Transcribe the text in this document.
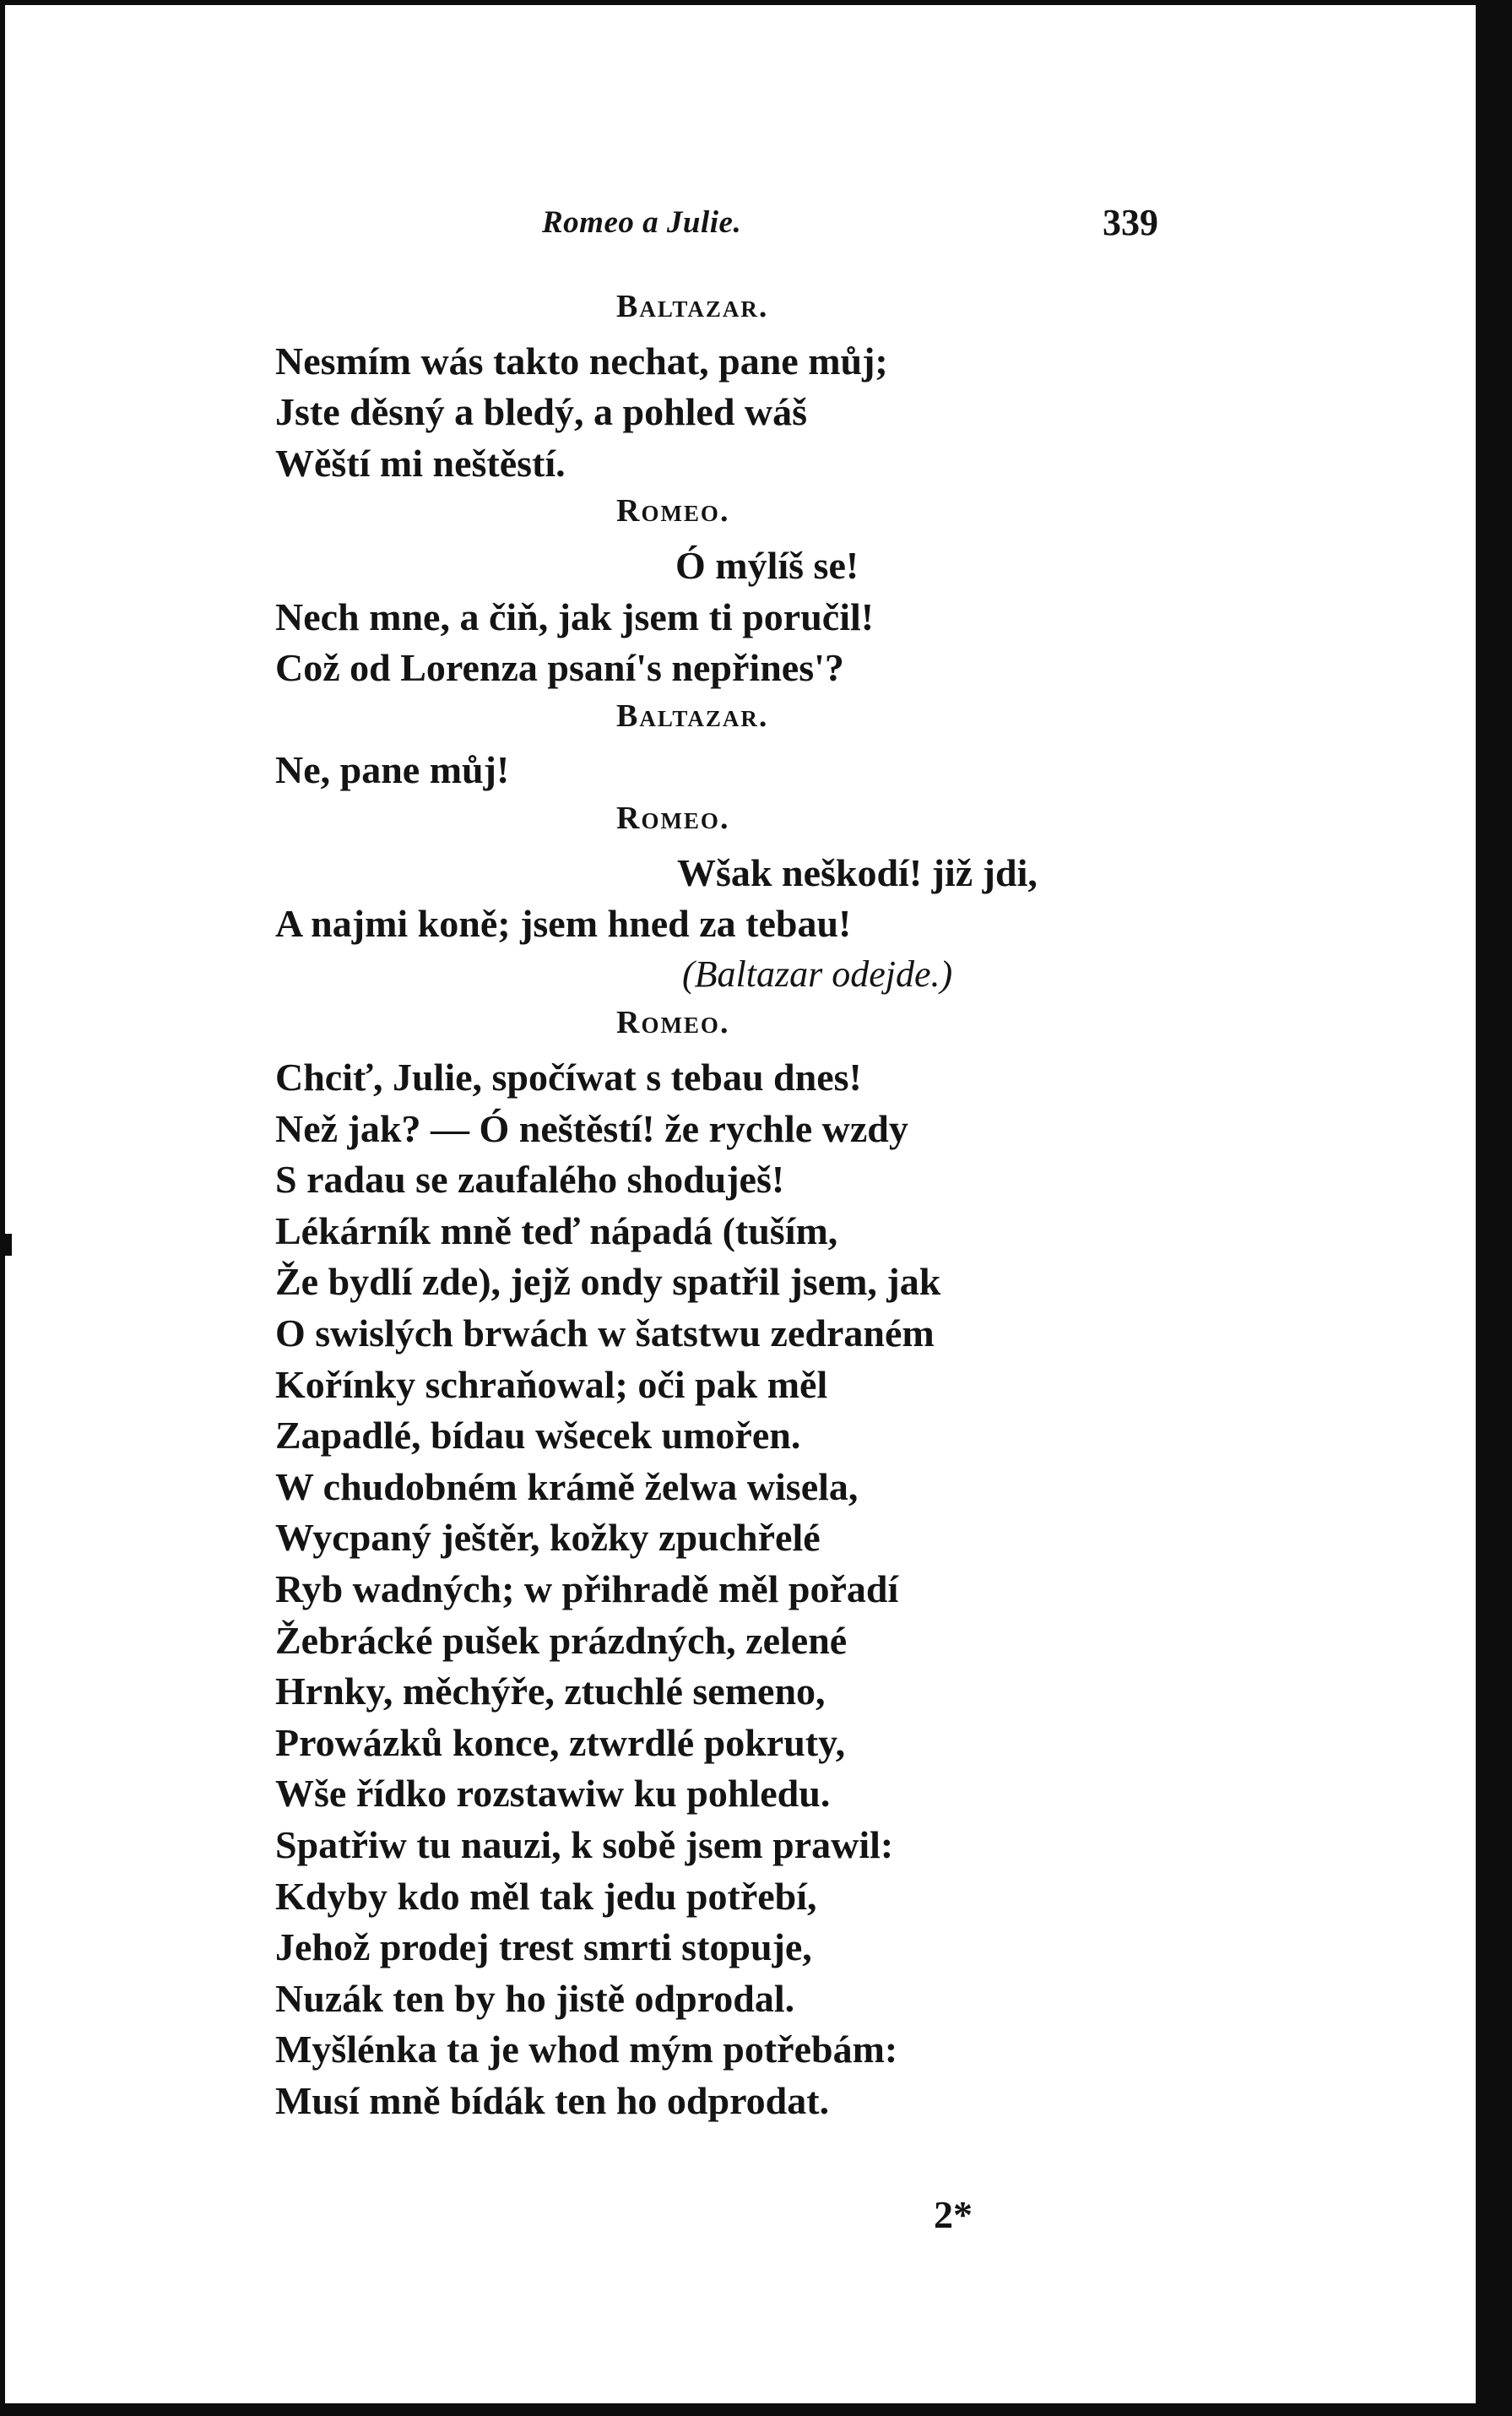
Romeo a Julie.	339
Baltazar.
Nesmím wás takto nechat, pane můj;
Jste děsný a bledý, a pohled wáš
Wěští mi neštěstí.
Romeo.
Ó mýlíš se!
Nech mne, a čiň, jak jsem ti poručil!
Což od Lorenza psaní's nepřines'?
Baltazar.
Ne, pane můj!
Romeo.
Wšak neškodí! již jdi,
A najmi koně; jsem hned za tebau!
(Baltazar odejde.)
Romeo.
Chciť, Julie, spočíwat s tebau dnes!
Než jak? — Ó neštěstí! že rychle wzdy
S radau se zaufalého shoduješ!
Lékárník mně teď nápadá (tuším,
Že bydlí zde), jejž ondy spatřil jsem, jak
O swislých brwách w šatstwu zedraném
Kořínky schraňowal; oči pak měl
Zapadlé, bídau wšecek umořen.
W chudobném krámě želwa wisela,
Wycpaný ještěr, kožky zpuchřelé
Ryb wadných; w přihradě měl pořadí
Žebrácké pušek prázdných, zelené
Hrnky, měchýře, ztuchlé semeno,
Prowázků konce, ztwrdlé pokruty,
Wše řídko rozstawiw ku pohledu.
Spatřiw tu nauzi, k sobě jsem prawil:
Kdyby kdo měl tak jedu potřebí,
Jehož prodej trest smrti stopuje,
Nuzák ten by ho jistě odprodal.
Myšlénka ta je whod mým potřebám:
Musí mně bídák ten ho odprodat.
2*
